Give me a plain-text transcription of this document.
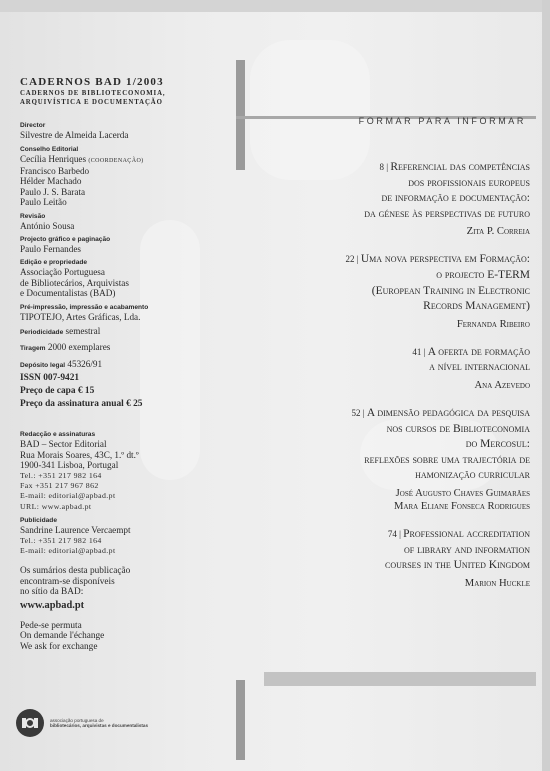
CADERNOS BAD 1/2003
CADERNOS DE BIBLIOTECONOMIA,
ARQUIVÍSTICA E DOCUMENTAÇÃO
Director
Silvestre de Almeida Lacerda
Conselho Editorial
Cecília Henriques (COORDENAÇÃO)
Francisco Barbedo
Hélder Machado
Paulo J. S. Barata
Paulo Leitão
Revisão
António Sousa
Projecto gráfico e paginação
Paulo Fernandes
Edição e propriedade
Associação Portuguesa
de Bibliotecários, Arquivistas
e Documentalistas (BAD)
Pré-impressão, impressão e acabamento
TIPOTEJO, Artes Gráficas, Lda.
Periodicidade semestral
Tiragem 2000 exemplares
Depósito legal 45326/91
ISSN 007-9421
Preço de capa € 15
Preço da assinatura anual € 25
Redacção e assinaturas
BAD – Sector Editorial
Rua Morais Soares, 43C, 1.º dt.º
1900-341 Lisboa, Portugal
Tel.: +351 217 982 164
Fax +351 217 967 862
E-mail: editorial@apbad.pt
URL: www.apbad.pt
Publicidade
Sandrine Laurence Vercaempt
Tel.: +351 217 982 164
E-mail: editorial@apbad.pt
Os sumários desta publicação
encontram-se disponíveis
no sítio da BAD:
www.apbad.pt
Pede-se permuta
On demande l'échange
We ask for exchange
associação portuguesa de
bibliotecários, arquivistas e documentalistas
FORMAR PARA INFORMAR
8 | Referencial das competências
dos profissionais europeus
de informação e documentação:
da génese às perspectivas de futuro
Zita P. Correia
22 | Uma nova perspectiva em Formação:
o projecto E-TERM
(European Training in Electronic
Records Management)
Fernanda Ribeiro
41 | A oferta de formação
a nível internacional
Ana Azevedo
52 | A dimensão pedagógica da pesquisa
nos cursos de Biblioteconomia
do Mercosul:
reflexões sobre uma trajectória de
hamonização curricular
José Augusto Chaves Guimarães
Mara Eliane Fonseca Rodrigues
74 | Professional accreditation
of library and information
courses in the United Kingdom
Marion Huckle
